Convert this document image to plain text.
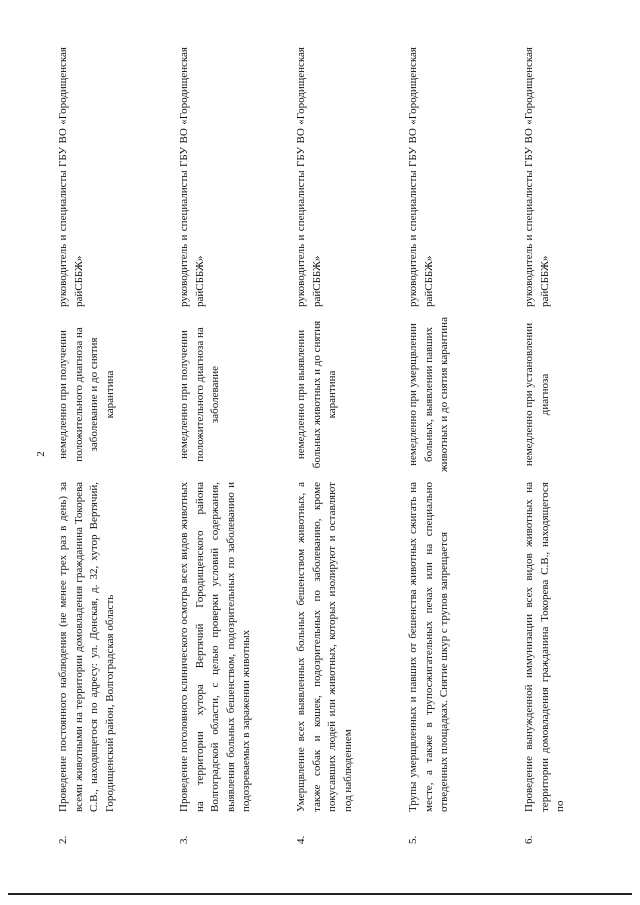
2
2.
Проведение постоянного наблюдения (не менее трех раз в день) за всеми животными на территории домовладения гражданина Токорева С.В., находящегося по адресу: ул. Донская, д. 32, хутор Вертячий, Городищенский район, Волгоградская область
немедленно при получении положительного диагноза на заболевание и до снятия карантина
руководитель и специалисты ГБУ ВО «Городищенская райСББЖ»
3.
Проведение поголовного клинического осмотра всех видов животных на территории хутора Вертячий Городищенского района Волгоградской области, с целью проверки условий содержания, выявления больных бешенством, подозрительных по заболеванию и подозреваемых в заражении животных
немедленно при получении положительного диагноза на заболевание
руководитель и специалисты ГБУ ВО «Городищенская райСББЖ»
4.
Умерщвление всех выявленных больных бешенством животных, а также собак и кошек, подозрительных по заболеванию, кроме покусавших людей или животных, которых изолируют и оставляют под наблюдением
немедленно при выявлении больных животных и до снятия карантина
руководитель и специалисты ГБУ ВО «Городищенская райСББЖ»
5.
Трупы умерщвленных и павших от бешенства животных сжигать на месте, а также в трупосжигательных печах или на специально отведенных площадках. Снятие шкур с трупов запрещается
немедленно при умерщвлении больных, выявлении павших животных и до снятия карантина
руководитель и специалисты ГБУ ВО «Городищенская райСББЖ»
6.
Проведение вынужденной иммунизации всех видов животных на территории домовладения гражданина Токорева С.В., находящегося по
немедленно при установлении диагноза
руководитель и специалисты ГБУ ВО «Городищенская райСББЖ»
